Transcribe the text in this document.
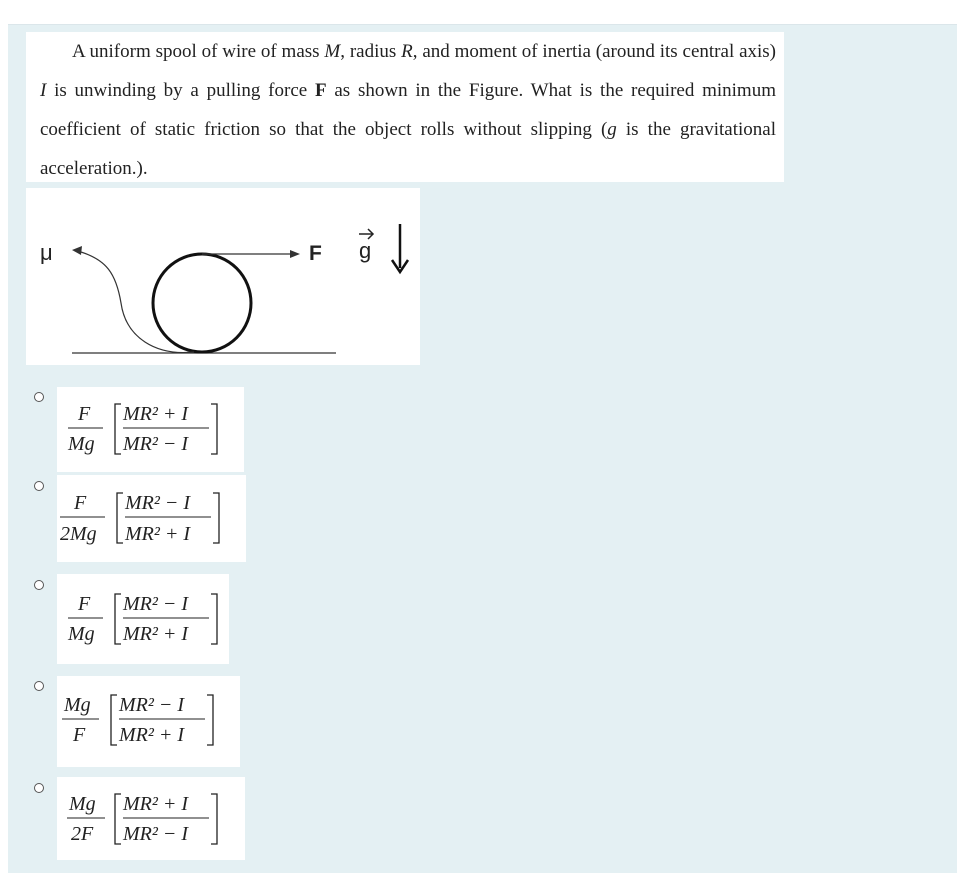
A uniform spool of wire of mass M, radius R, and moment of inertia (around its central axis) I is unwinding by a pulling force F as shown in the Figure. What is the required minimum coefficient of static friction so that the object rolls without slipping (g is the gravitational acceleration.).

μ	F g
F
Mg
MR² + I
MR² − I
F
2Mg
MR² − I
MR² + I
F
Mg
MR² − I
MR² + I
Mg
F
MR² − I
MR² + I
Mg
2F
MR² + I
MR² − I
